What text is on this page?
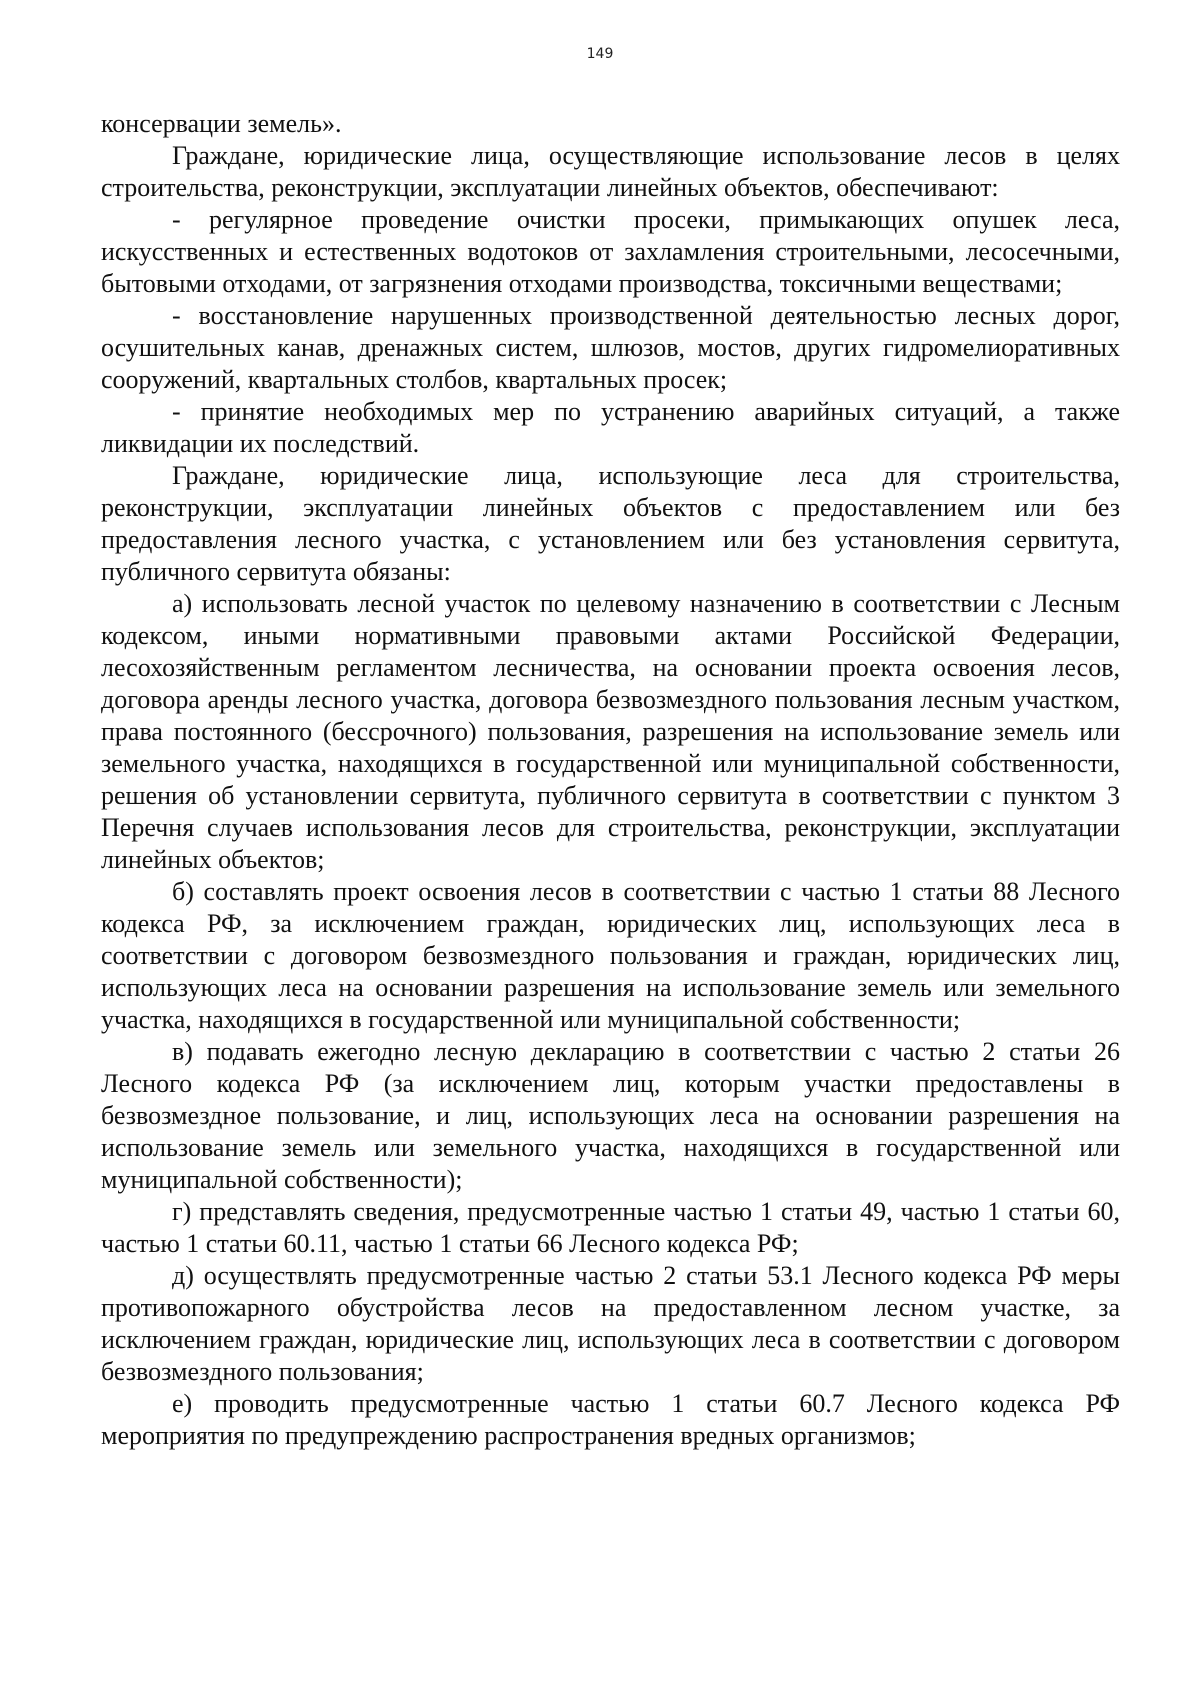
149

консервации земель».

Граждане, юридические лица, осуществляющие использование лесов в целях строительства, реконструкции, эксплуатации линейных объектов, обеспечивают:

- регулярное проведение очистки просеки, примыкающих опушек леса, искусственных и естественных водотоков от захламления строительными, лесосечными, бытовыми отходами, от загрязнения отходами производства, токсичными веществами;

- восстановление нарушенных производственной деятельностью лесных дорог, осушительных канав, дренажных систем, шлюзов, мостов, других гидромелиоративных сооружений, квартальных столбов, квартальных просек;

- принятие необходимых мер по устранению аварийных ситуаций, а также ликвидации их последствий.

Граждане, юридические лица, использующие леса для строительства, реконструкции, эксплуатации линейных объектов с предоставлением или без предоставления лесного участка, с установлением или без установления сервитута, публичного сервитута обязаны:

а) использовать лесной участок по целевому назначению в соответствии с Лесным кодексом, иными нормативными правовыми актами Российской Федерации, лесохозяйственным регламентом лесничества, на основании проекта освоения лесов, договора аренды лесного участка, договора безвозмездного пользования лесным участком, права постоянного (бессрочного) пользования, разрешения на использование земель или земельного участка, находящихся в государственной или муниципальной собственности, решения об установлении сервитута, публичного сервитута в соответствии с пунктом 3 Перечня случаев использования лесов для строительства, реконструкции, эксплуатации линейных объектов;

б) составлять проект освоения лесов в соответствии с частью 1 статьи 88 Лесного кодекса РФ, за исключением граждан, юридических лиц, использующих леса в соответствии с договором безвозмездного пользования и граждан, юридических лиц, использующих леса на основании разрешения на использование земель или земельного участка, находящихся в государственной или муниципальной собственности;

в) подавать ежегодно лесную декларацию в соответствии с частью 2 статьи 26 Лесного кодекса РФ (за исключением лиц, которым участки предоставлены в безвозмездное пользование, и лиц, использующих леса на основании разрешения на использование земель или земельного участка, находящихся в государственной или муниципальной собственности);

г) представлять сведения, предусмотренные частью 1 статьи 49, частью 1 статьи 60, частью 1 статьи 60.11, частью 1 статьи 66 Лесного кодекса РФ;

д) осуществлять предусмотренные частью 2 статьи 53.1 Лесного кодекса РФ меры противопожарного обустройства лесов на предоставленном лесном участке, за исключением граждан, юридические лиц, использующих леса в соответствии с договором безвозмездного пользования;

е) проводить предусмотренные частью 1 статьи 60.7 Лесного кодекса РФ мероприятия по предупреждению распространения вредных организмов;
